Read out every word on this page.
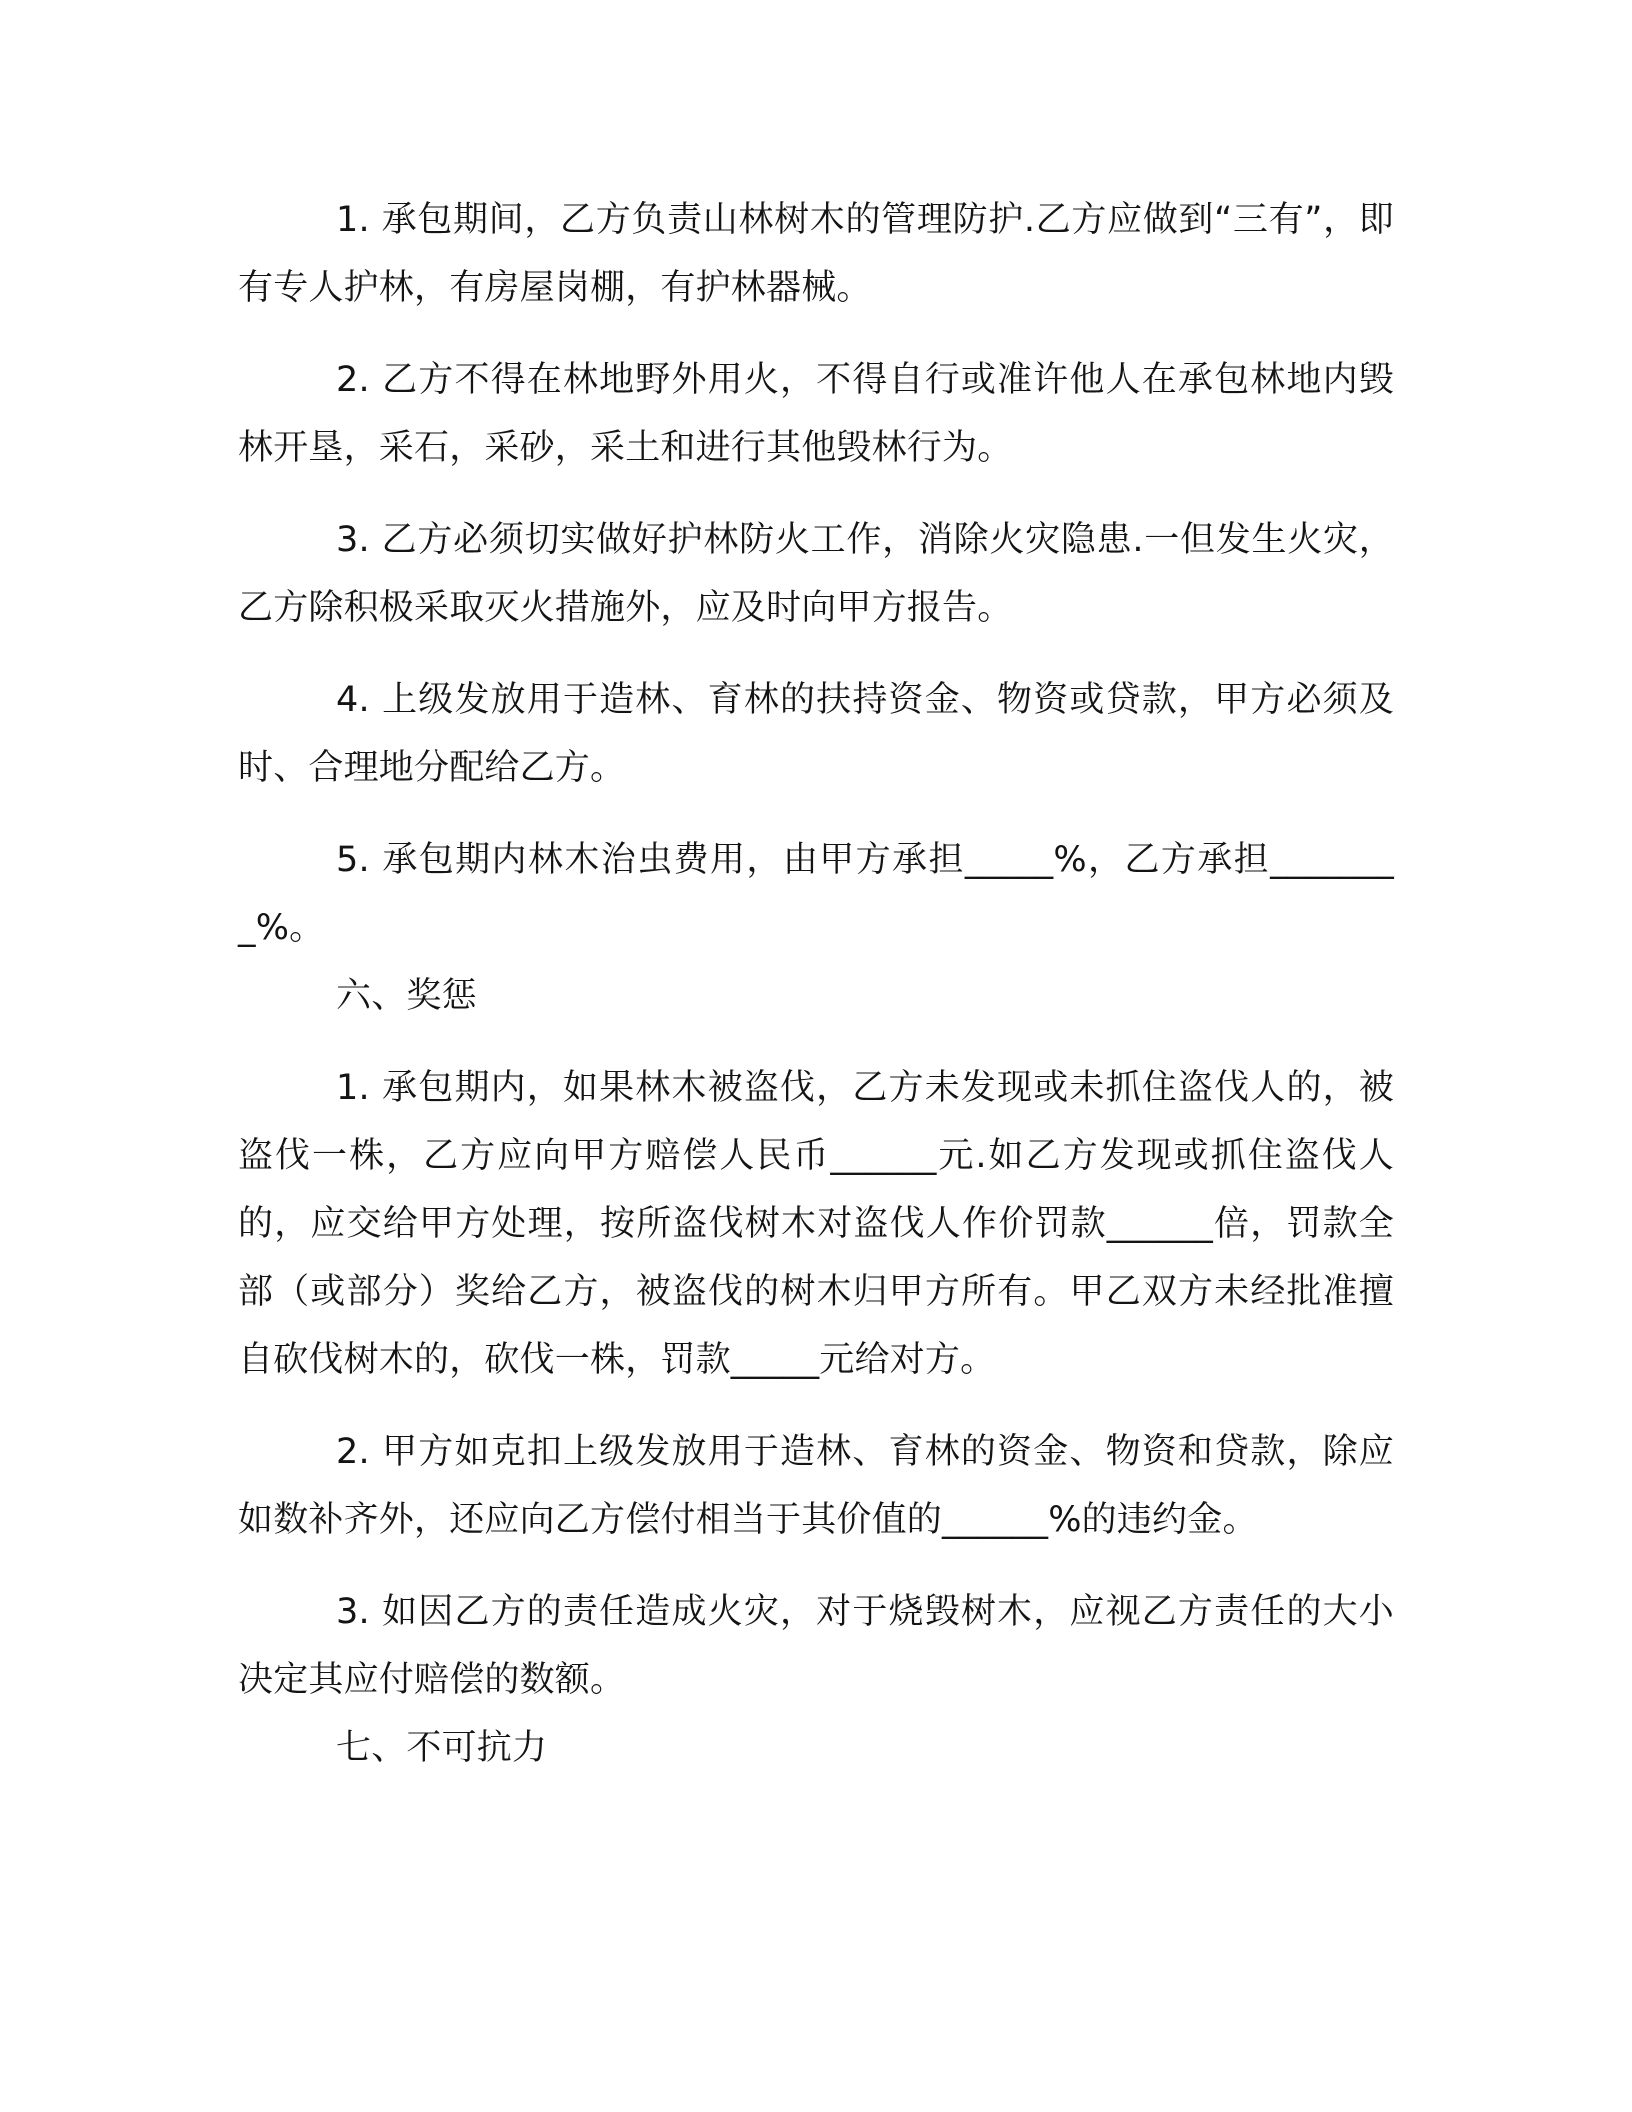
1. 承包期间，乙方负责山林树木的管理防护.乙方应做到“三有”，即有专人护林，有房屋岗棚，有护林器械。

2. 乙方不得在林地野外用火，不得自行或准许他人在承包林地内毁林开垦，采石，采砂，采土和进行其他毁林行为。

3. 乙方必须切实做好护林防火工作，消除火灾隐患.一但发生火灾，乙方除积极采取灭火措施外，应及时向甲方报告。

4. 上级发放用于造林、育林的扶持资金、物资或贷款，甲方必须及时、合理地分配给乙方。

5. 承包期内林木治虫费用，由甲方承担_____%，乙方承担________%。

六、奖惩

1. 承包期内，如果林木被盗伐，乙方未发现或未抓住盗伐人的，被盗伐一株，乙方应向甲方赔偿人民币______元.如乙方发现或抓住盗伐人的，应交给甲方处理，按所盗伐树木对盗伐人作价罚款______倍，罚款全部（或部分）奖给乙方，被盗伐的树木归甲方所有。甲乙双方未经批准擅自砍伐树木的，砍伐一株，罚款_____元给对方。

2. 甲方如克扣上级发放用于造林、育林的资金、物资和贷款，除应如数补齐外，还应向乙方偿付相当于其价值的______%的违约金。

3. 如因乙方的责任造成火灾，对于烧毁树木，应视乙方责任的大小决定其应付赔偿的数额。

七、不可抗力
